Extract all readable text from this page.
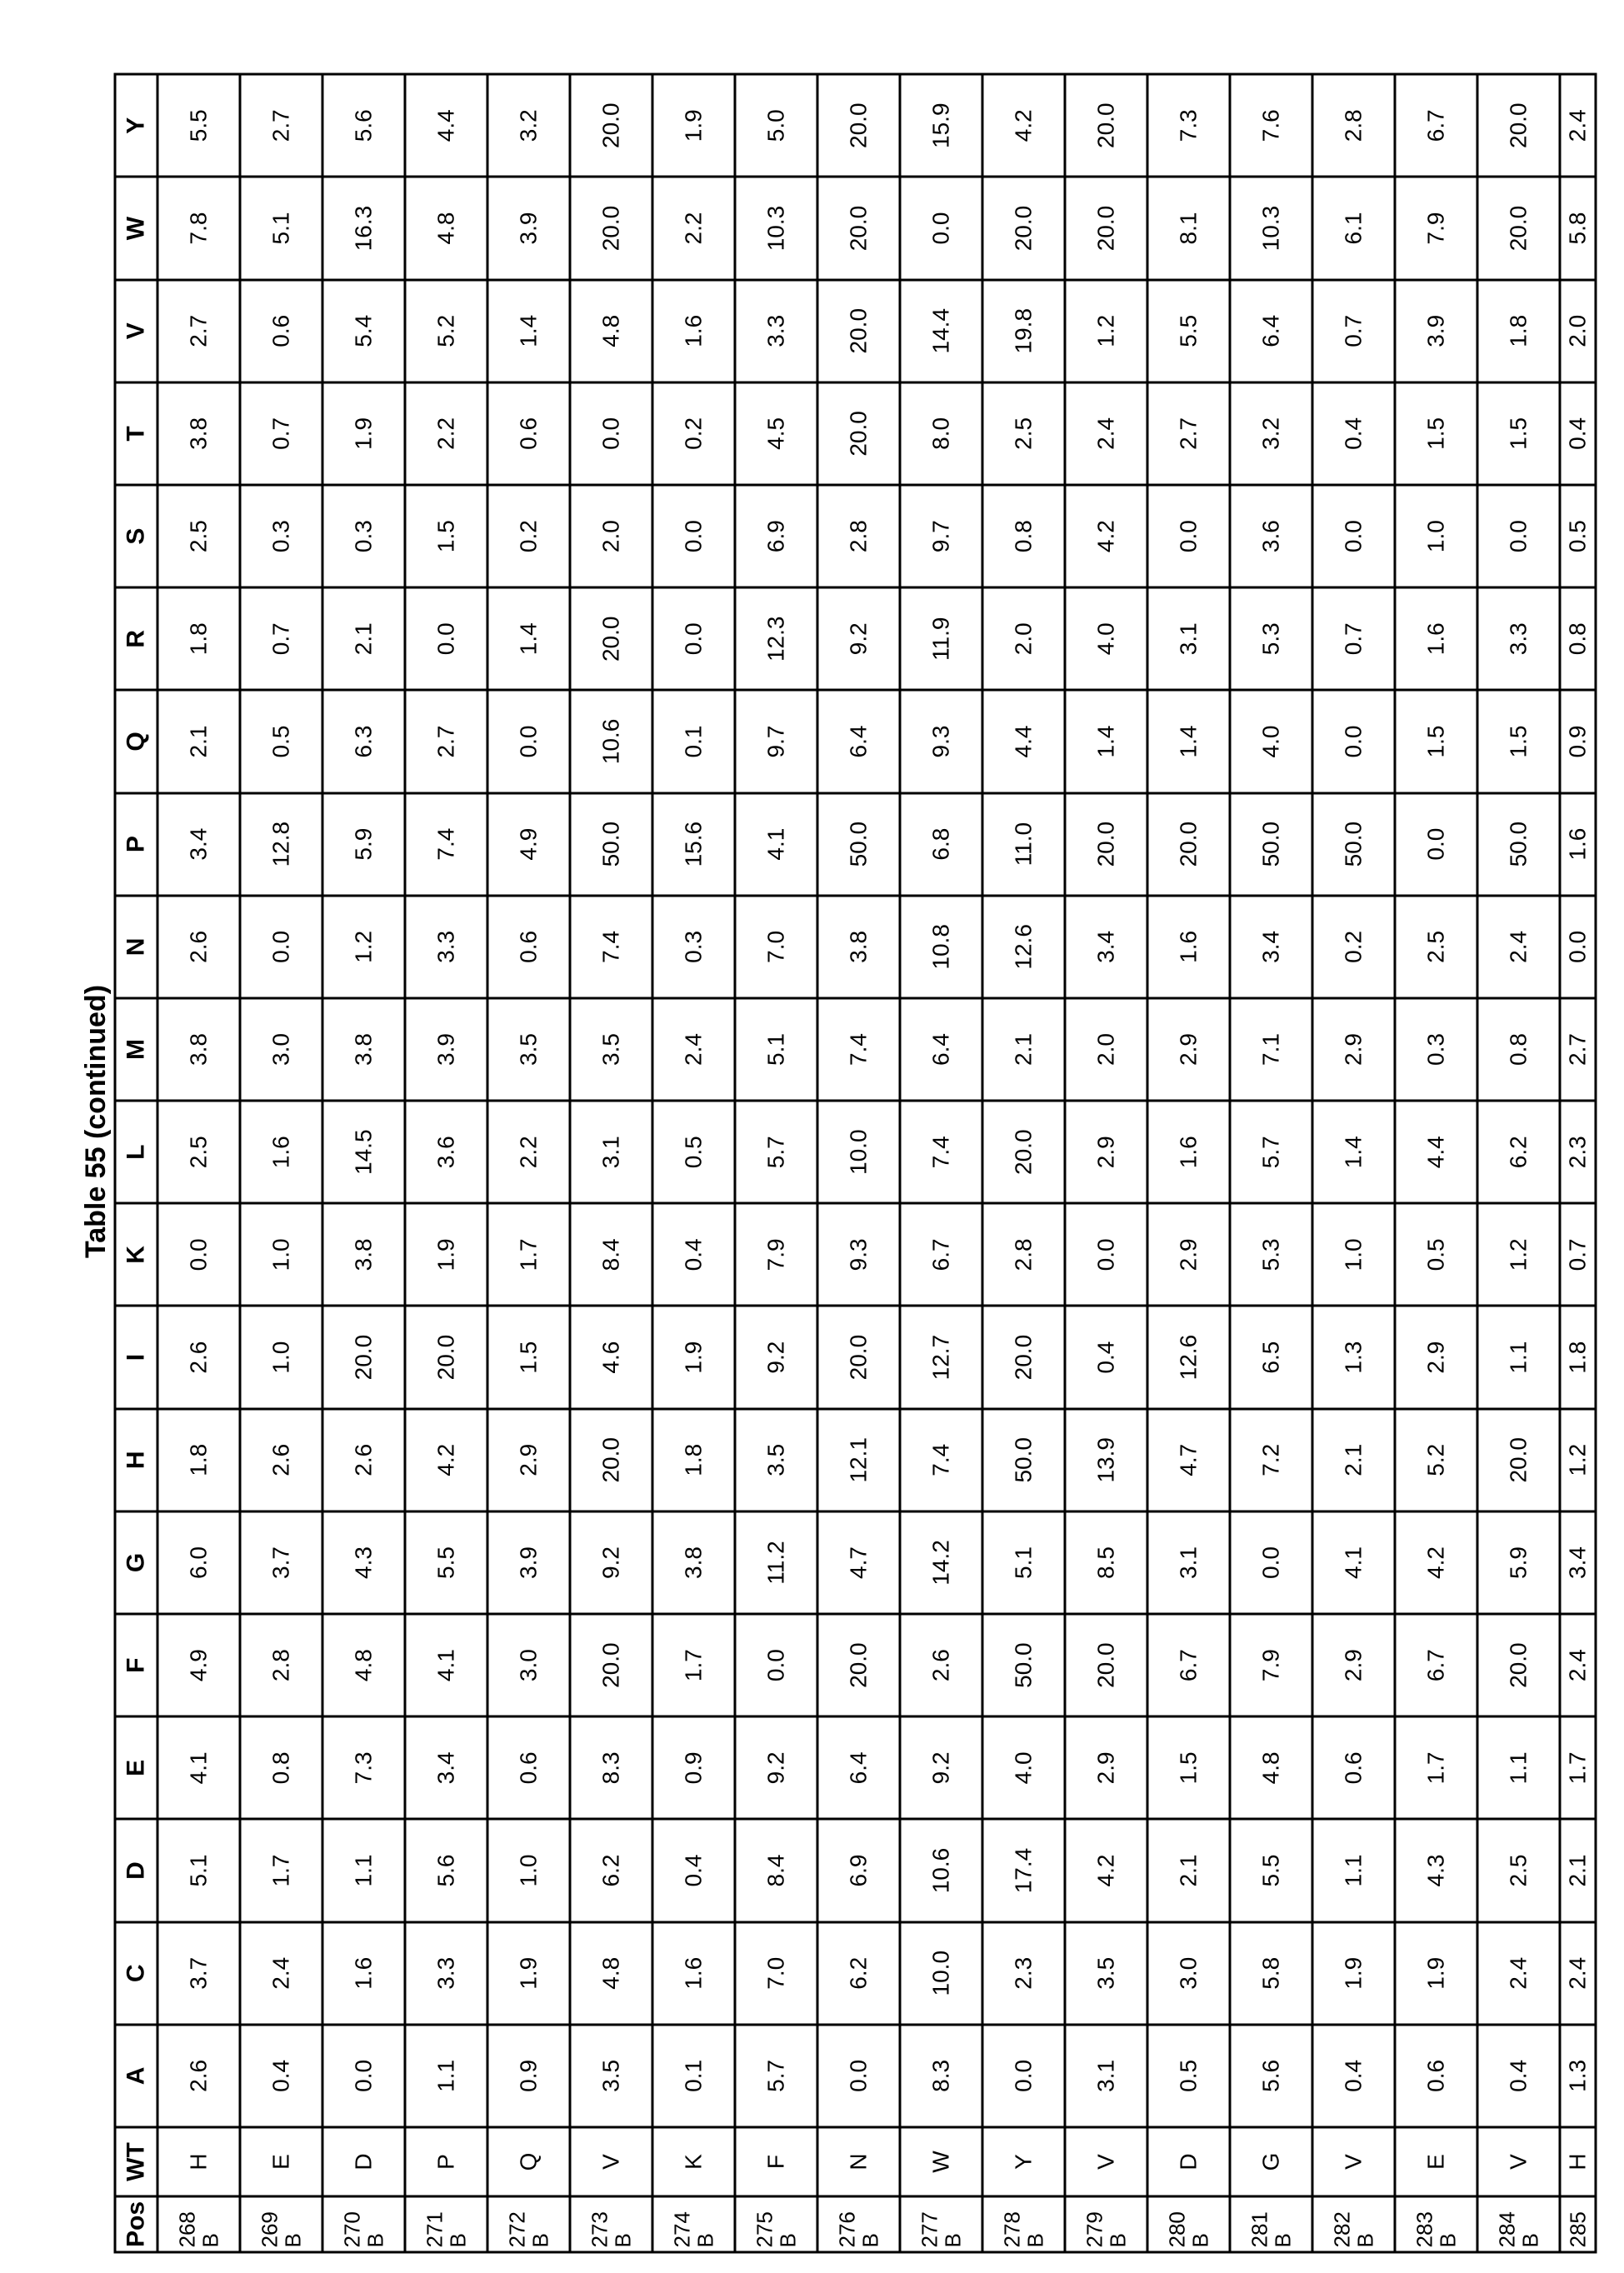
Table 55 (continued)
Pos	WT	A	C	D	E	F	G	H	I	K	L	M	N	P	Q	R	S	T	V	W	Y
268 B	H	2.6	3.7	5.1	4.1	4.9	6.0	1.8	2.6	0.0	2.5	3.8	2.6	3.4	2.1	1.8	2.5	3.8	2.7	7.8	5.5
269 B	E	0.4	2.4	1.7	0.8	2.8	3.7	2.6	1.0	1.0	1.6	3.0	0.0	12.8	0.5	0.7	0.3	0.7	0.6	5.1	2.7
270 B	D	0.0	1.6	1.1	7.3	4.8	4.3	2.6	20.0	3.8	14.5	3.8	1.2	5.9	6.3	2.1	0.3	1.9	5.4	16.3	5.6
271 B	P	1.1	3.3	5.6	3.4	4.1	5.5	4.2	20.0	1.9	3.6	3.9	3.3	7.4	2.7	0.0	1.5	2.2	5.2	4.8	4.4
272 B	Q	0.9	1.9	1.0	0.6	3.0	3.9	2.9	1.5	1.7	2.2	3.5	0.6	4.9	0.0	1.4	0.2	0.6	1.4	3.9	3.2
273 B	V	3.5	4.8	6.2	8.3	20.0	9.2	20.0	4.6	8.4	3.1	3.5	7.4	50.0	10.6	20.0	2.0	0.0	4.8	20.0	20.0
274 B	K	0.1	1.6	0.4	0.9	1.7	3.8	1.8	1.9	0.4	0.5	2.4	0.3	15.6	0.1	0.0	0.0	0.2	1.6	2.2	1.9
275 B	F	5.7	7.0	8.4	9.2	0.0	11.2	3.5	9.2	7.9	5.7	5.1	7.0	4.1	9.7	12.3	6.9	4.5	3.3	10.3	5.0
276 B	N	0.0	6.2	6.9	6.4	20.0	4.7	12.1	20.0	9.3	10.0	7.4	3.8	50.0	6.4	9.2	2.8	20.0	20.0	20.0	20.0
277 B	W	8.3	10.0	10.6	9.2	2.6	14.2	7.4	12.7	6.7	7.4	6.4	10.8	6.8	9.3	11.9	9.7	8.0	14.4	0.0	15.9
278 B	Y	0.0	2.3	17.4	4.0	50.0	5.1	50.0	20.0	2.8	20.0	2.1	12.6	11.0	4.4	2.0	0.8	2.5	19.8	20.0	4.2
279 B	V	3.1	3.5	4.2	2.9	20.0	8.5	13.9	0.4	0.0	2.9	2.0	3.4	20.0	1.4	4.0	4.2	2.4	1.2	20.0	20.0
280 B	D	0.5	3.0	2.1	1.5	6.7	3.1	4.7	12.6	2.9	1.6	2.9	1.6	20.0	1.4	3.1	0.0	2.7	5.5	8.1	7.3
281 B	G	5.6	5.8	5.5	4.8	7.9	0.0	7.2	6.5	5.3	5.7	7.1	3.4	50.0	4.0	5.3	3.6	3.2	6.4	10.3	7.6
282 B	V	0.4	1.9	1.1	0.6	2.9	4.1	2.1	1.3	1.0	1.4	2.9	0.2	50.0	0.0	0.7	0.0	0.4	0.7	6.1	2.8
283 B	E	0.6	1.9	4.3	1.7	6.7	4.2	5.2	2.9	0.5	4.4	0.3	2.5	0.0	1.5	1.6	1.0	1.5	3.9	7.9	6.7
284 B	V	0.4	2.4	2.5	1.1	20.0	5.9	20.0	1.1	1.2	6.2	0.8	2.4	50.0	1.5	3.3	0.0	1.5	1.8	20.0	20.0
285	H	1.3	2.4	2.1	1.7	2.4	3.4	1.2	1.8	0.7	2.3	2.7	0.0	1.6	0.9	0.8	0.5	0.4	2.0	5.8	2.4
